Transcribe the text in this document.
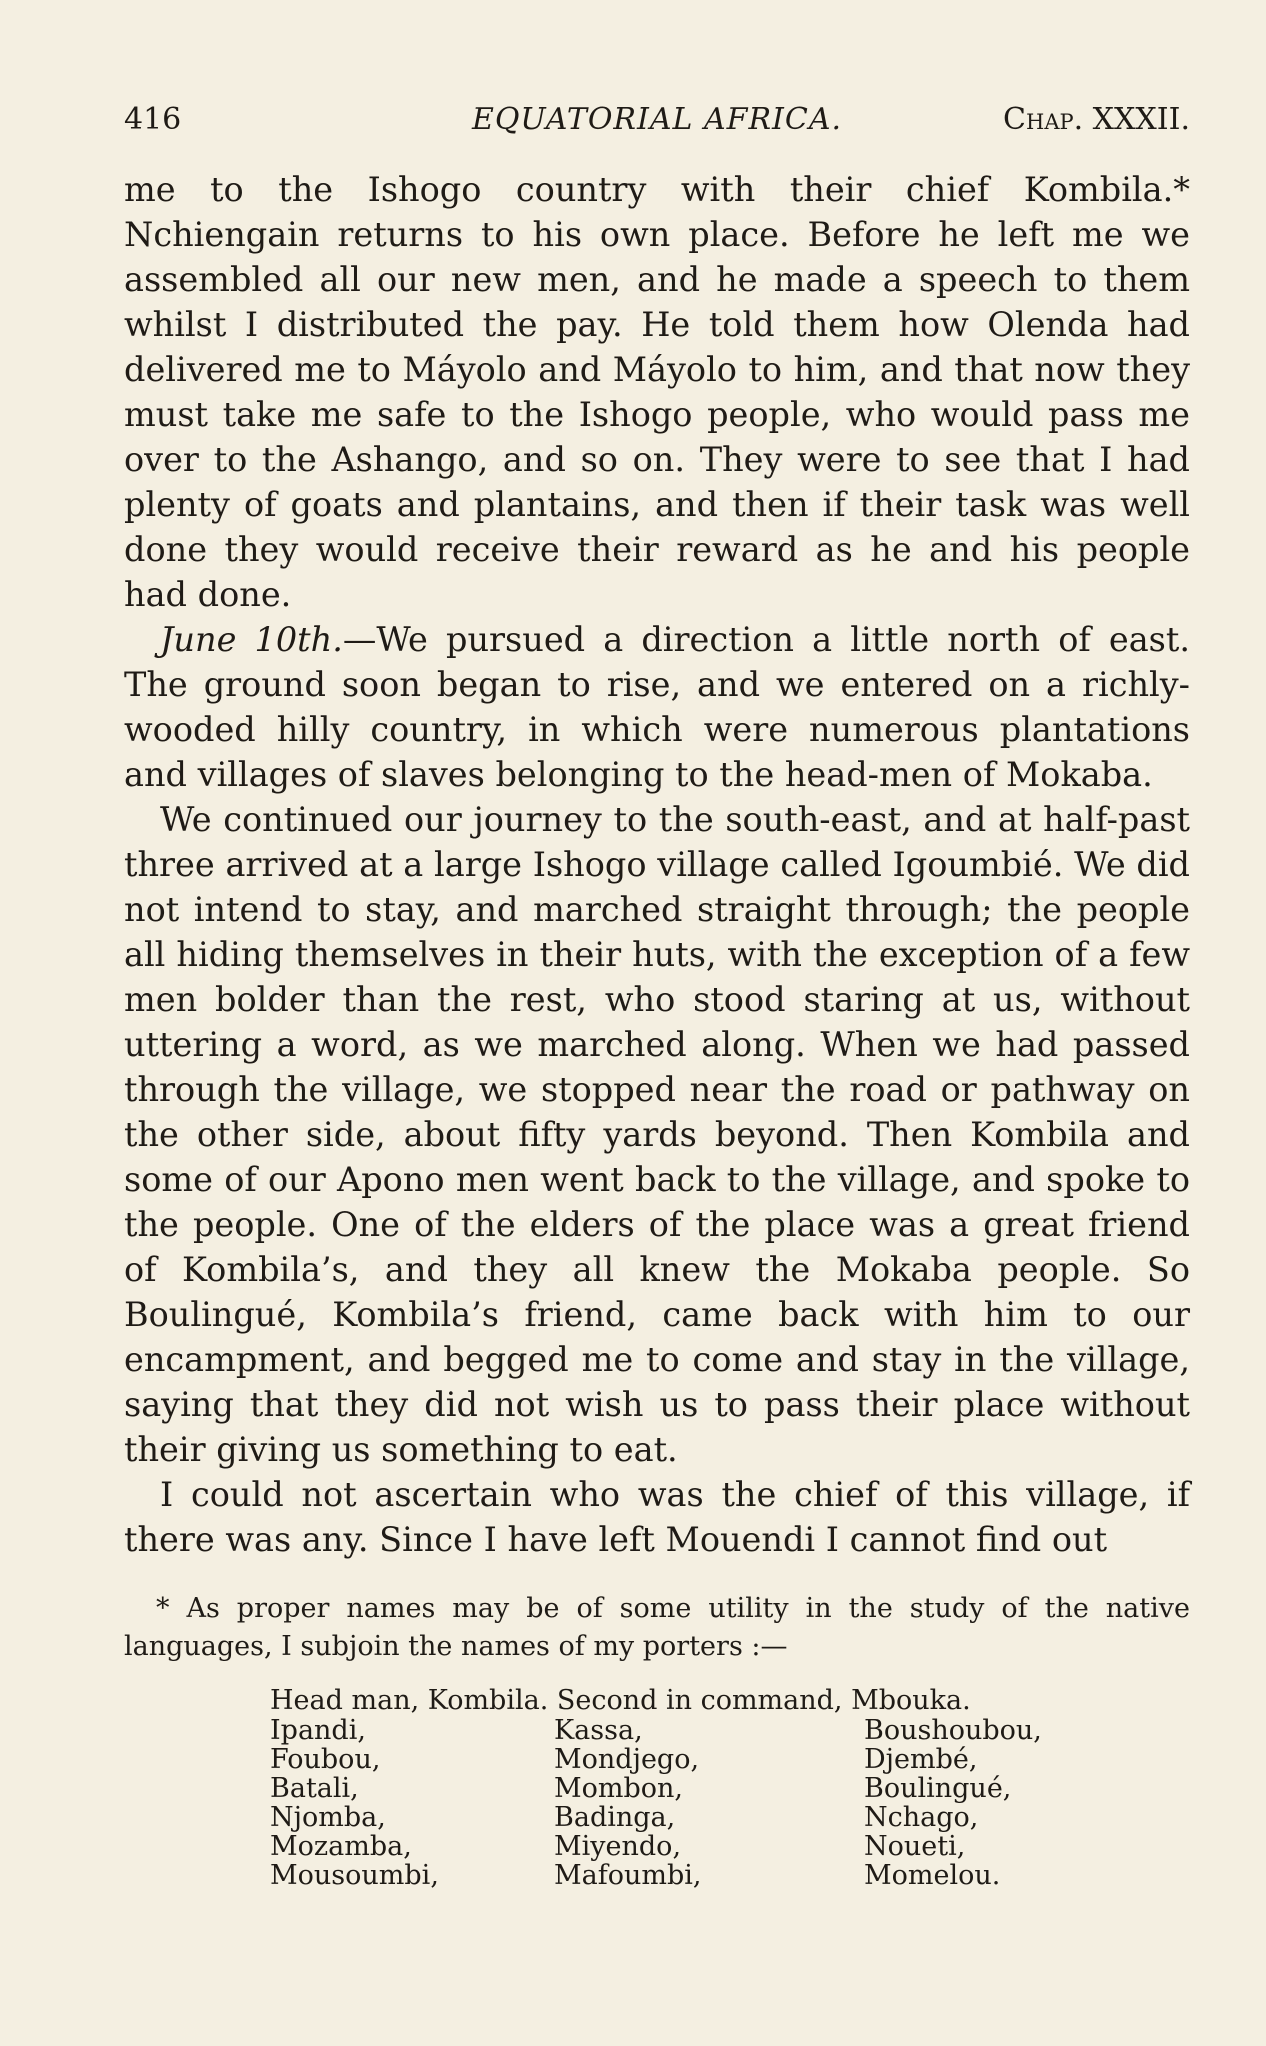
416	EQUATORIAL AFRICA.	Chap. XXXII.

me to the Ishogo country with their chief Kombila.* Nchiengain returns to his own place. Before he left me we assembled all our new men, and he made a speech to them whilst I distributed the pay. He told them how Olenda had delivered me to Máyolo and Máyolo to him, and that now they must take me safe to the Ishogo people, who would pass me over to the Ashango, and so on. They were to see that I had plenty of goats and plantains, and then if their task was well done they would receive their reward as he and his people had done.

June 10th.—We pursued a direction a little north of east. The ground soon began to rise, and we entered on a richly-wooded hilly country, in which were numerous plantations and villages of slaves belonging to the head-men of Mokaba.

We continued our journey to the south-east, and at half-past three arrived at a large Ishogo village called Igoumbié. We did not intend to stay, and marched straight through; the people all hiding themselves in their huts, with the exception of a few men bolder than the rest, who stood staring at us, without uttering a word, as we marched along. When we had passed through the village, we stopped near the road or pathway on the other side, about fifty yards beyond. Then Kombila and some of our Apono men went back to the village, and spoke to the people. One of the elders of the place was a great friend of Kombila’s, and they all knew the Mokaba people. So Boulingué, Kombila’s friend, came back with him to our encampment, and begged me to come and stay in the village, saying that they did not wish us to pass their place without their giving us something to eat.

I could not ascertain who was the chief of this village, if there was any. Since I have left Mouendi I cannot find out

* As proper names may be of some utility in the study of the native languages, I subjoin the names of my porters :—

Head man, Kombila. Second in command, Mbouka.
Ipandi,
Foubou,
Batali,
Njomba,
Mozamba,
Mousoumbi,
Kassa,
Mondjego,
Mombon,
Badinga,
Miyendo,
Mafoumbi,
Boushoubou,
Djembé,
Boulingué,
Nchago,
Noueti,
Momelou.
